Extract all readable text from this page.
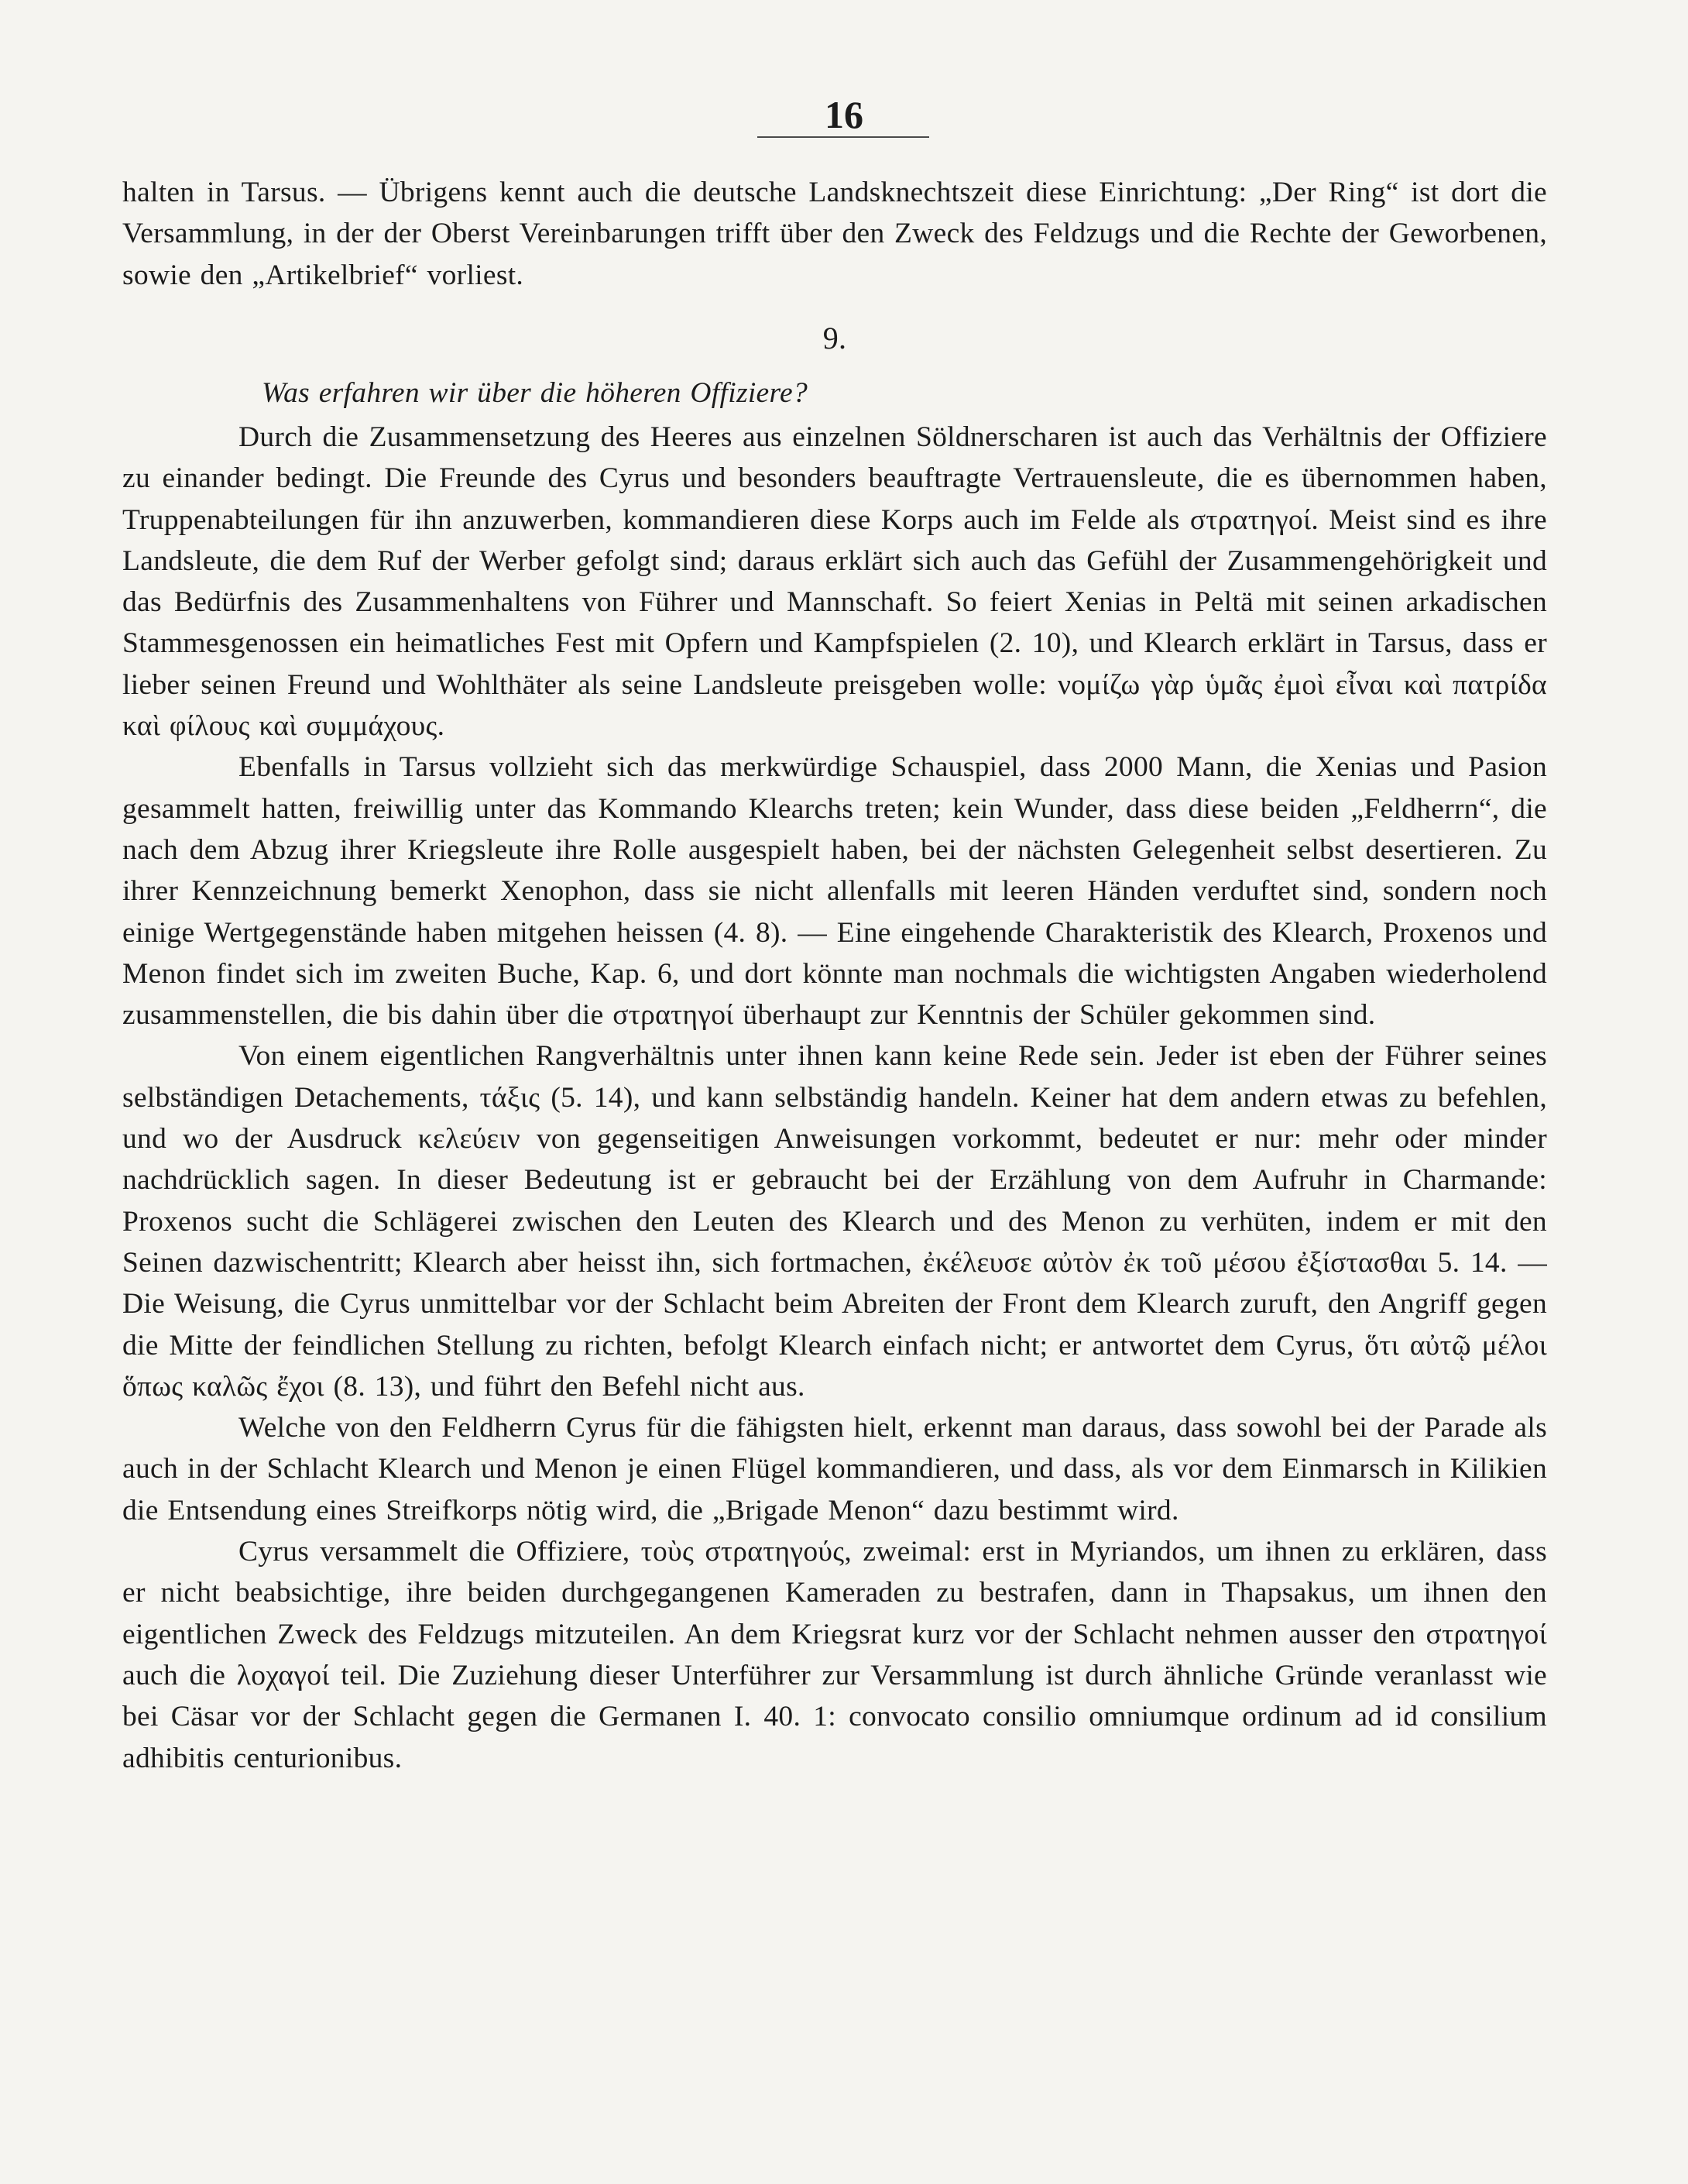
16

halten in Tarsus. — Übrigens kennt auch die deutsche Landsknechtszeit diese Einrichtung: „Der Ring“ ist dort die Versammlung, in der der Oberst Vereinbarungen trifft über den Zweck des Feldzugs und die Rechte der Geworbenen, sowie den „Artikelbrief“ vorliest.

9.

Was erfahren wir über die höheren Offiziere?

Durch die Zusammensetzung des Heeres aus einzelnen Söldnerscharen ist auch das Verhältnis der Offiziere zu einander bedingt. Die Freunde des Cyrus und besonders beauftragte Vertrauensleute, die es übernommen haben, Truppenabteilungen für ihn anzuwerben, kommandieren diese Korps auch im Felde als στρατηγοί. Meist sind es ihre Landsleute, die dem Ruf der Werber gefolgt sind; daraus erklärt sich auch das Gefühl der Zusammengehörigkeit und das Bedürfnis des Zusammenhaltens von Führer und Mannschaft. So feiert Xenias in Peltä mit seinen arkadischen Stammesgenossen ein heimatliches Fest mit Opfern und Kampfspielen (2. 10), und Klearch erklärt in Tarsus, dass er lieber seinen Freund und Wohlthäter als seine Landsleute preisgeben wolle: νομίζω γὰρ ὑμᾶς ἐμοὶ εἶναι καὶ πατρίδα καὶ φίλους καὶ συμμάχους.

Ebenfalls in Tarsus vollzieht sich das merkwürdige Schauspiel, dass 2000 Mann, die Xenias und Pasion gesammelt hatten, freiwillig unter das Kommando Klearchs treten; kein Wunder, dass diese beiden „Feldherrn“, die nach dem Abzug ihrer Kriegsleute ihre Rolle ausgespielt haben, bei der nächsten Gelegenheit selbst desertieren. Zu ihrer Kennzeichnung bemerkt Xenophon, dass sie nicht allenfalls mit leeren Händen verduftet sind, sondern noch einige Wertgegenstände haben mitgehen heissen (4. 8). — Eine eingehende Charakteristik des Klearch, Proxenos und Menon findet sich im zweiten Buche, Kap. 6, und dort könnte man nochmals die wichtigsten Angaben wiederholend zusammenstellen, die bis dahin über die στρατηγοί überhaupt zur Kenntnis der Schüler gekommen sind.

Von einem eigentlichen Rangverhältnis unter ihnen kann keine Rede sein. Jeder ist eben der Führer seines selbständigen Detachements, τάξις (5. 14), und kann selbständig handeln. Keiner hat dem andern etwas zu befehlen, und wo der Ausdruck κελεύειν von gegenseitigen Anweisungen vorkommt, bedeutet er nur: mehr oder minder nachdrücklich sagen. In dieser Bedeutung ist er gebraucht bei der Erzählung von dem Aufruhr in Charmande: Proxenos sucht die Schlägerei zwischen den Leuten des Klearch und des Menon zu verhüten, indem er mit den Seinen dazwischentritt; Klearch aber heisst ihn, sich fortmachen, ἐκέλευσε αὐτὸν ἐκ τοῦ μέσου ἐξίστασθαι 5. 14. — Die Weisung, die Cyrus unmittelbar vor der Schlacht beim Abreiten der Front dem Klearch zuruft, den Angriff gegen die Mitte der feindlichen Stellung zu richten, befolgt Klearch einfach nicht; er antwortet dem Cyrus, ὅτι αὐτῷ μέλοι ὅπως καλῶς ἔχοι (8. 13), und führt den Befehl nicht aus.

Welche von den Feldherrn Cyrus für die fähigsten hielt, erkennt man daraus, dass sowohl bei der Parade als auch in der Schlacht Klearch und Menon je einen Flügel kommandieren, und dass, als vor dem Einmarsch in Kilikien die Entsendung eines Streifkorps nötig wird, die „Brigade Menon“ dazu bestimmt wird.

Cyrus versammelt die Offiziere, τοὺς στρατηγούς, zweimal: erst in Myriandos, um ihnen zu erklären, dass er nicht beabsichtige, ihre beiden durchgegangenen Kameraden zu bestrafen, dann in Thapsakus, um ihnen den eigentlichen Zweck des Feldzugs mitzuteilen. An dem Kriegsrat kurz vor der Schlacht nehmen ausser den στρατηγοί auch die λοχαγοί teil. Die Zuziehung dieser Unterführer zur Versammlung ist durch ähnliche Gründe veranlasst wie bei Cäsar vor der Schlacht gegen die Germanen I. 40. 1: convocato consilio omniumque ordinum ad id consilium adhibitis centurionibus.
